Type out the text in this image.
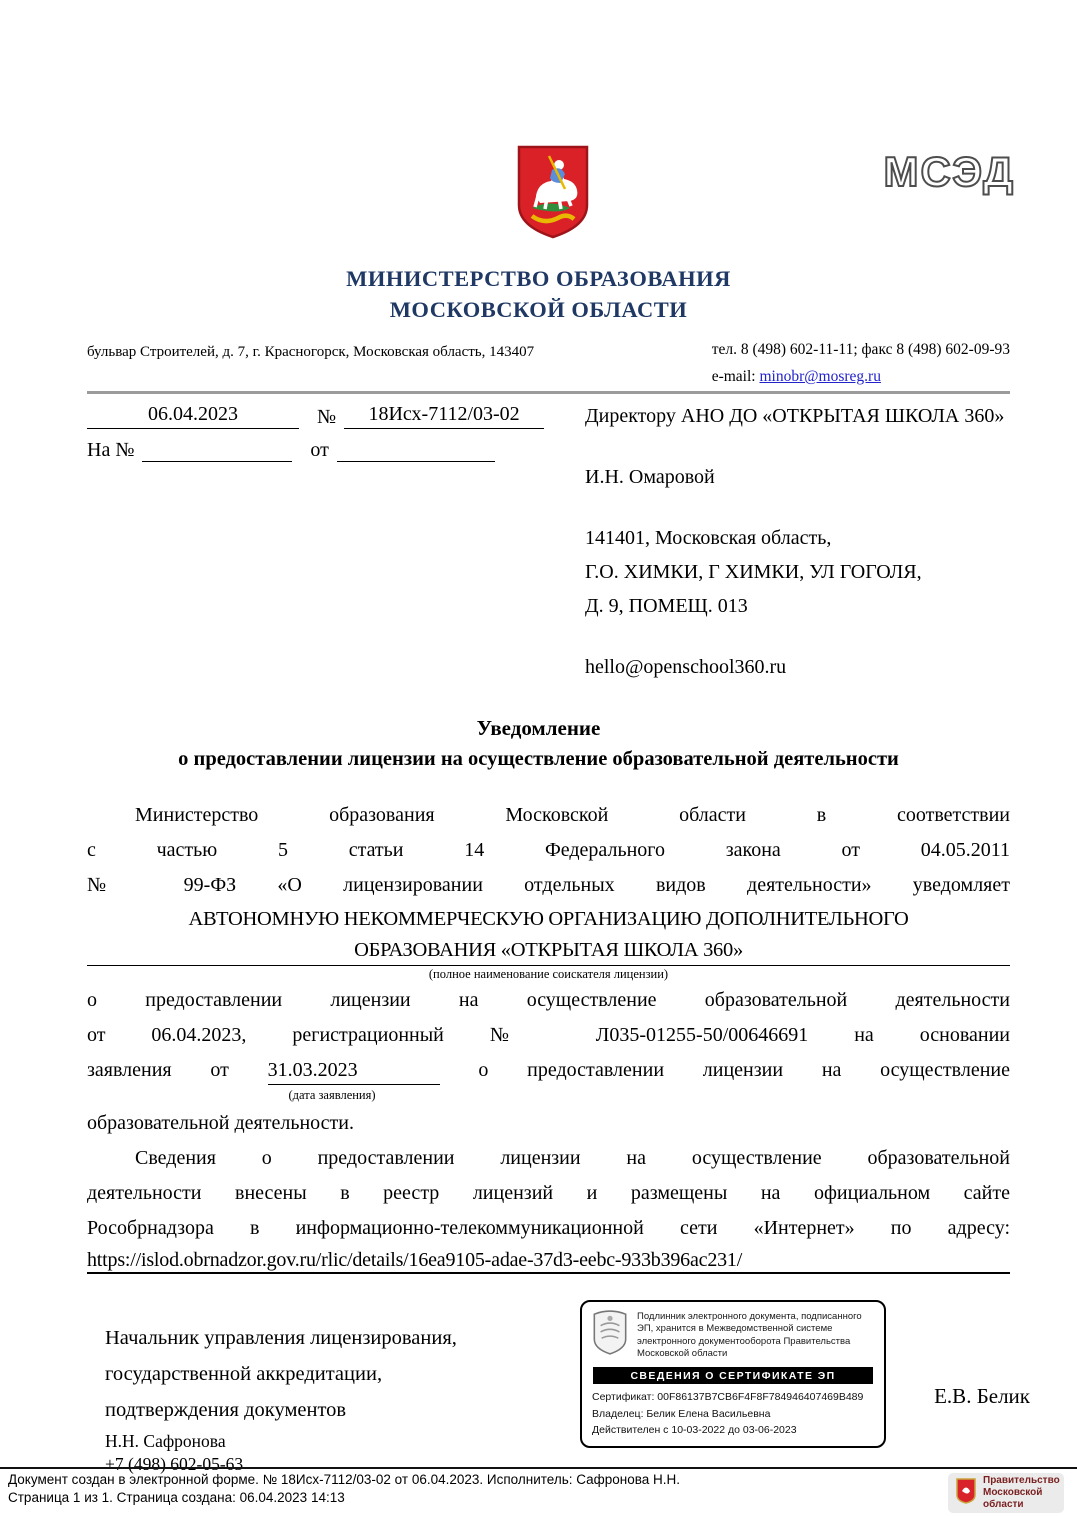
МСЭД
МИНИСТЕРСТВО ОБРАЗОВАНИЯ
МОСКОВСКОЙ ОБЛАСТИ
бульвар Строителей, д. 7, г. Красногорск, Московская область, 143407	тел. 8 (498) 602-11-11; факс 8 (498) 602-09-93
e-mail: minobr@mosreg.ru
06.04.2023	№	18Исх-7112/03-02
На №	от
Директору АНО ДО «ОТКРЫТАЯ ШКОЛА 360»
И.Н. Омаровой
141401, Московская область,
Г.О. ХИМКИ, Г ХИМКИ, УЛ ГОГОЛЯ,
Д. 9, ПОМЕЩ. 013
hello@openschool360.ru
Уведомление
о предоставлении лицензии на осуществление образовательной деятельности
Министерство образования Московской области в соответствии
с частью 5 статьи 14 Федерального закона от 04.05.2011
№ 99-ФЗ «О лицензировании отдельных видов деятельности» уведомляет
АВТОНОМНУЮ НЕКОММЕРЧЕСКУЮ ОРГАНИЗАЦИЮ ДОПОЛНИТЕЛЬНОГО
ОБРАЗОВАНИЯ «ОТКРЫТАЯ ШКОЛА 360»
(полное наименование соискателя лицензии)
о предоставлении лицензии на осуществление образовательной деятельности
от 06.04.2023, регистрационный № Л035-01255-50/00646691 на основании
заявления от 31.03.2023	о предоставлении лицензии на осуществление
(дата заявления)
образовательной деятельности.
Сведения о предоставлении лицензии на осуществление образовательной
деятельности внесены в реестр лицензий и размещены на официальном сайте
Рособрнадзора в информационно-телекоммуникационной сети «Интернет» по адресу:
https://islod.obrnadzor.gov.ru/rlic/details/16ea9105-adae-37d3-eebc-933b396ac231/
Начальник управления лицензирования,
государственной аккредитации,
подтверждения документов
Подлинник электронного документа, подписанного ЭП, хранится в Межведомственной системе электронного документооборота Правительства Московской области
СВЕДЕНИЯ О СЕРТИФИКАТЕ ЭП
Сертификат: 00F86137B7CB6F4F8F784946407469B489
Владелец: Белик Елена Васильевна
Действителен с 10-03-2022 до 03-06-2023
Е.В. Белик
Н.Н. Сафронова
+7 (498) 602-05-63
Документ создан в электронной форме. № 18Исх-7112/03-02 от 06.04.2023. Исполнитель: Сафронова Н.Н.
Страница 1 из 1. Страница создана: 06.04.2023 14:13
Правительство
Московской области
